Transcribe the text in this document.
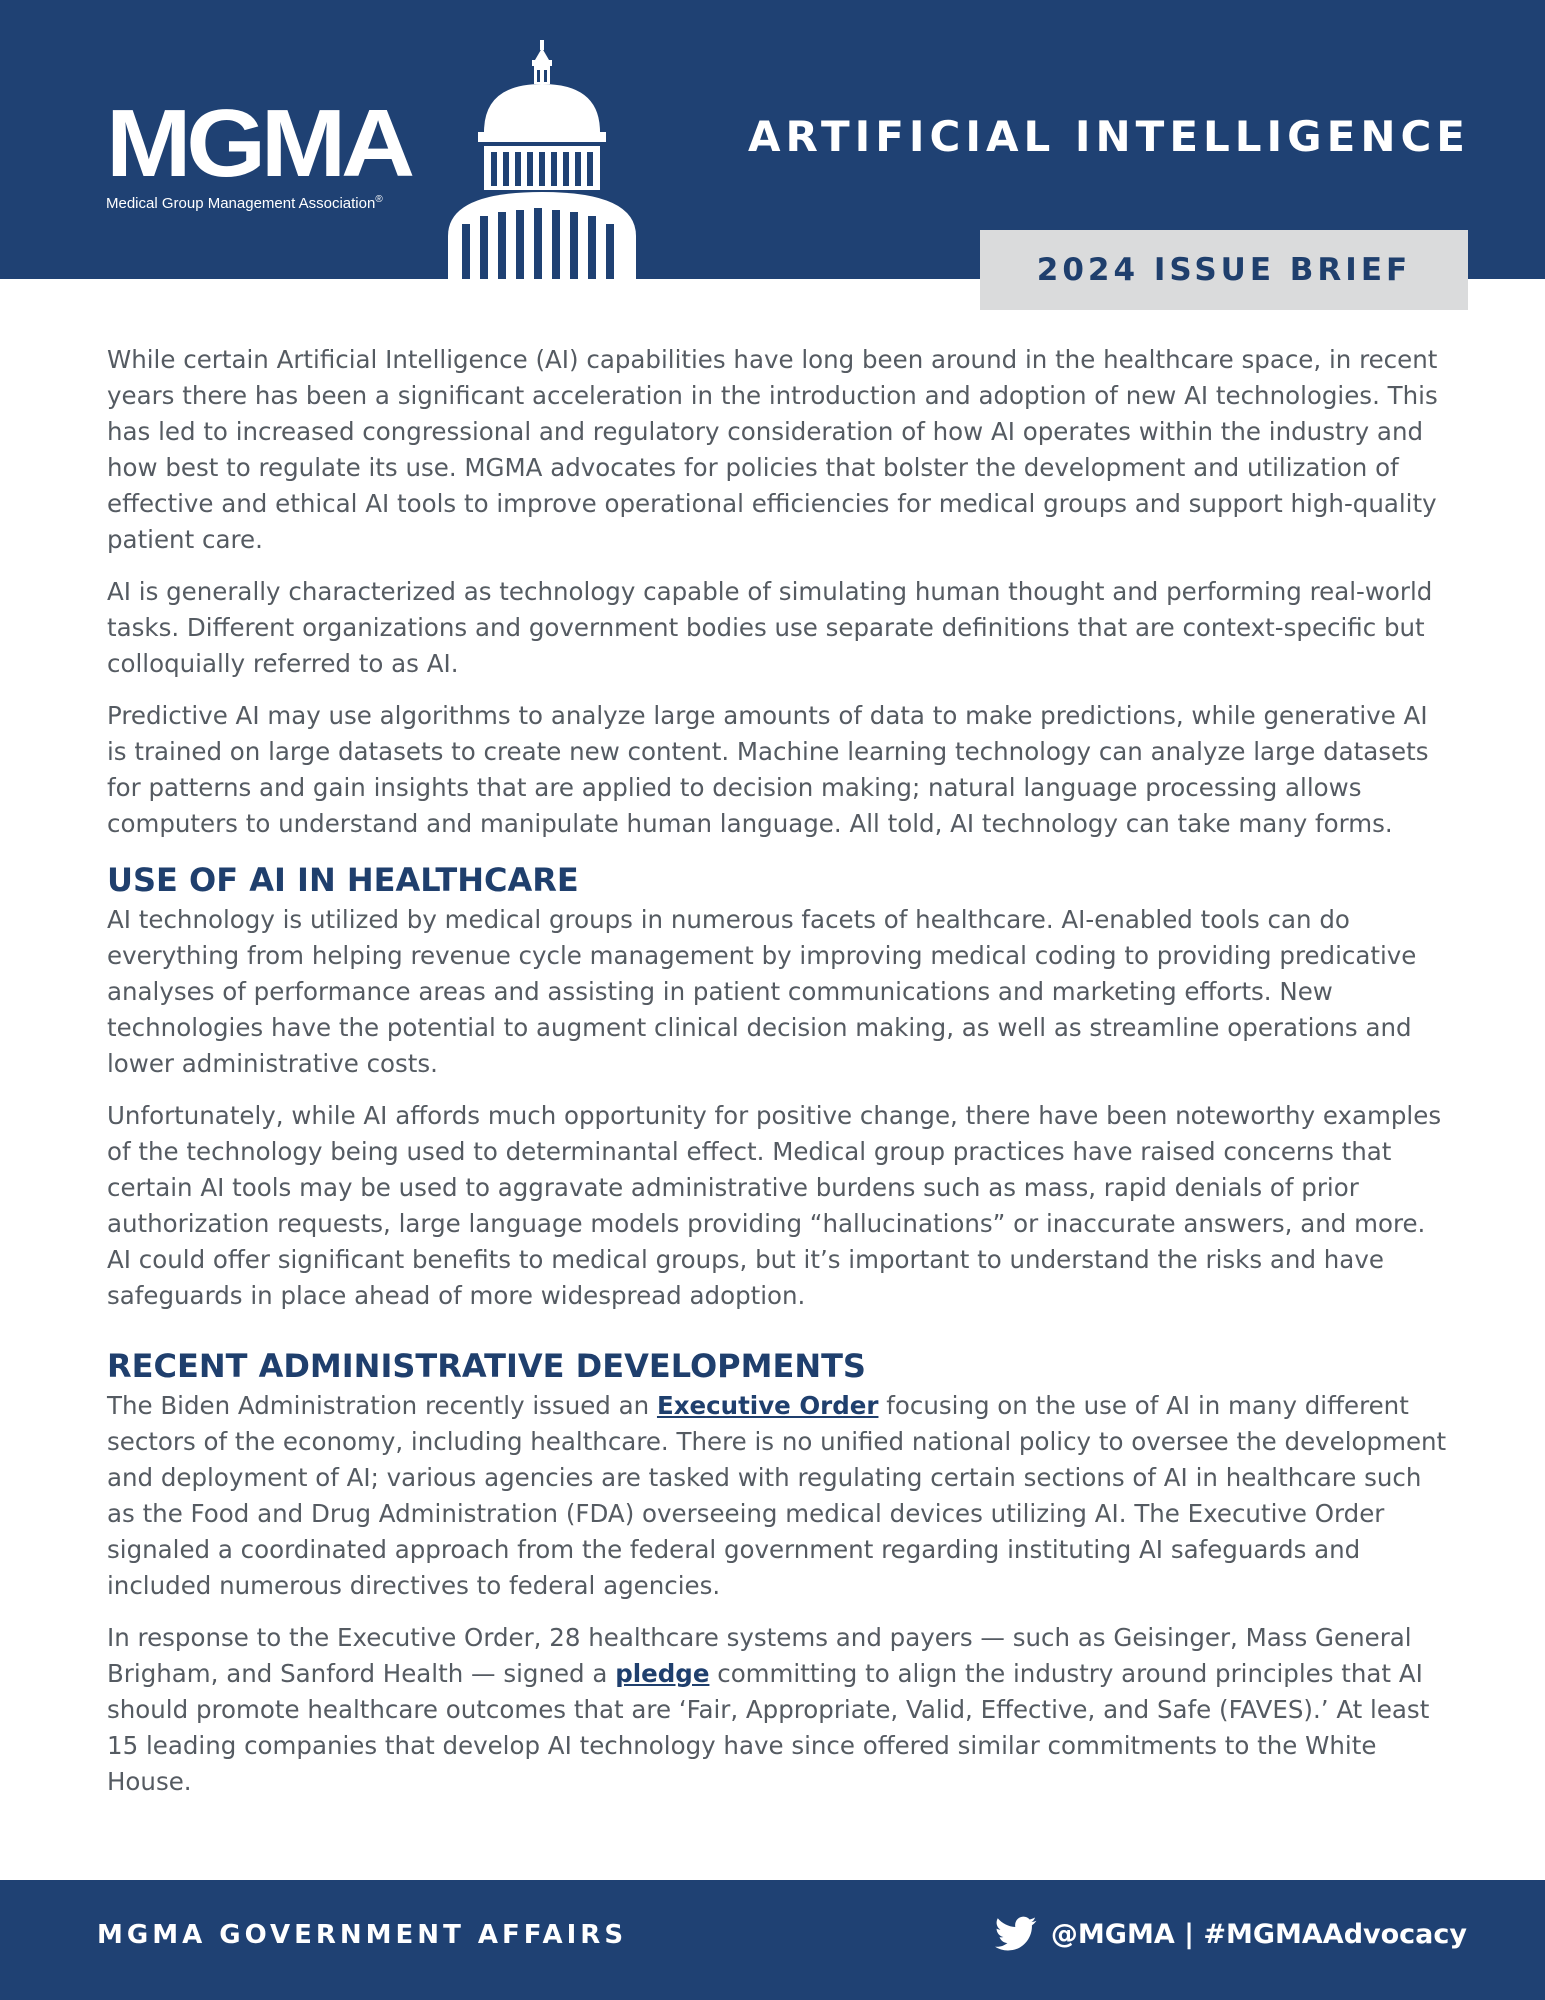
MGMA
Medical Group Management Association®
ARTIFICIAL INTELLIGENCE
2024 ISSUE BRIEF

While certain Artificial Intelligence (AI) capabilities have long been around in the healthcare space, in recent years there has been a significant acceleration in the introduction and adoption of new AI technologies. This has led to increased congressional and regulatory consideration of how AI operates within the industry and how best to regulate its use. MGMA advocates for policies that bolster the development and utilization of effective and ethical AI tools to improve operational efficiencies for medical groups and support high-quality patient care.

AI is generally characterized as technology capable of simulating human thought and performing real-world tasks. Different organizations and government bodies use separate definitions that are context-specific but colloquially referred to as AI.

Predictive AI may use algorithms to analyze large amounts of data to make predictions, while generative AI is trained on large datasets to create new content. Machine learning technology can analyze large datasets for patterns and gain insights that are applied to decision making; natural language processing allows computers to understand and manipulate human language. All told, AI technology can take many forms.

USE OF AI IN HEALTHCARE

AI technology is utilized by medical groups in numerous facets of healthcare. AI-enabled tools can do everything from helping revenue cycle management by improving medical coding to providing predicative analyses of performance areas and assisting in patient communications and marketing efforts. New technologies have the potential to augment clinical decision making, as well as streamline operations and lower administrative costs.

Unfortunately, while AI affords much opportunity for positive change, there have been noteworthy examples of the technology being used to determinantal effect. Medical group practices have raised concerns that certain AI tools may be used to aggravate administrative burdens such as mass, rapid denials of prior authorization requests, large language models providing “hallucinations” or inaccurate answers, and more. AI could offer significant benefits to medical groups, but it’s important to understand the risks and have safeguards in place ahead of more widespread adoption.

RECENT ADMINISTRATIVE DEVELOPMENTS

The Biden Administration recently issued an Executive Order focusing on the use of AI in many different sectors of the economy, including healthcare. There is no unified national policy to oversee the development and deployment of AI; various agencies are tasked with regulating certain sections of AI in healthcare such as the Food and Drug Administration (FDA) overseeing medical devices utilizing AI. The Executive Order signaled a coordinated approach from the federal government regarding instituting AI safeguards and included numerous directives to federal agencies.

In response to the Executive Order, 28 healthcare systems and payers — such as Geisinger, Mass General Brigham, and Sanford Health — signed a pledge committing to align the industry around principles that AI should promote healthcare outcomes that are ‘Fair, Appropriate, Valid, Effective, and Safe (FAVES).’ At least 15 leading companies that develop AI technology have since offered similar commitments to the White House.

MGMA GOVERNMENT AFFAIRS	@MGMA | #MGMAAdvocacy
